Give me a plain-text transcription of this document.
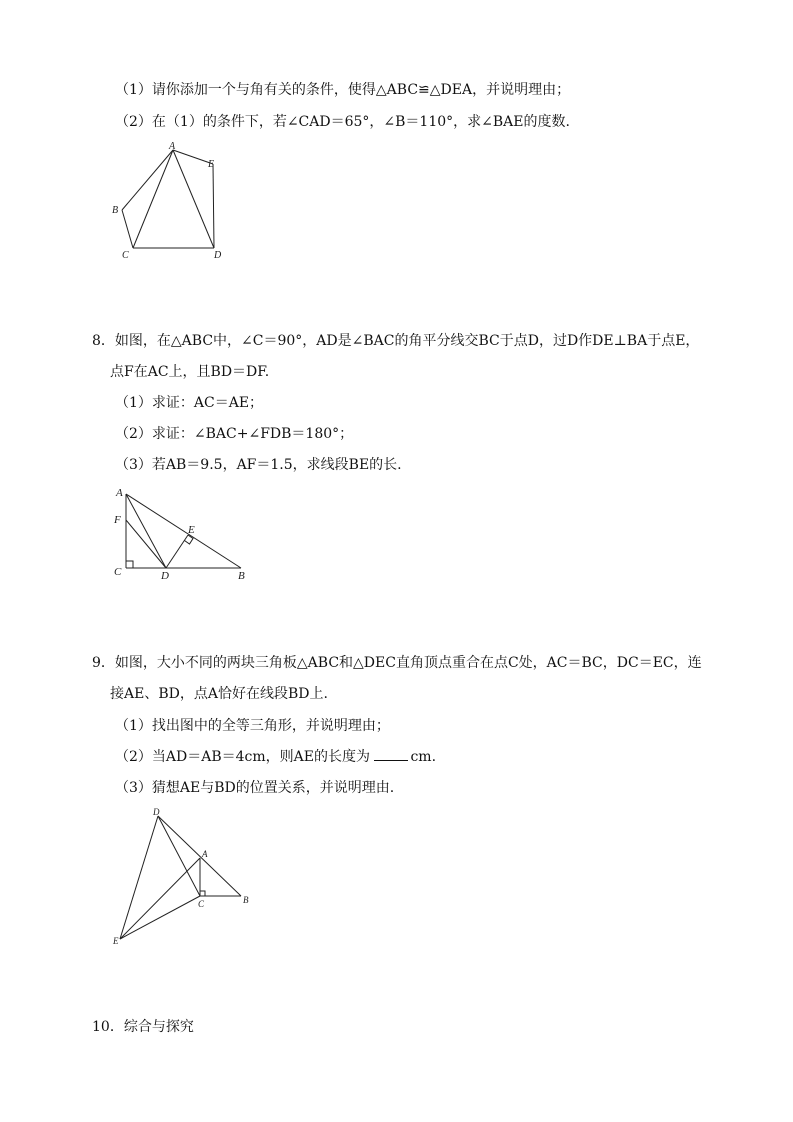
（1）请你添加一个与角有关的条件，使得△ABC≌△DEA，并说明理由；
（2）在（1）的条件下，若∠CAD＝65°，∠B＝110°，求∠BAE的度数.
A
B
C	D
E
8．如图，在△ABC中，∠C＝90°，AD是∠BAC的角平分线交BC于点D，过D作DE⊥BA于点E，
点F在AC上，且BD＝DF.
（1）求证：AC＝AE；
（2）求证：∠BAC+∠FDB＝180°；
（3）若AB＝9.5，AF＝1.5，求线段BE的长.
A
F
C	D
E
B
9．如图，大小不同的两块三角板△ABC和△DEC直角顶点重合在点C处，AC＝BC，DC＝EC，连
接AE、BD，点A恰好在线段BD上.
（1）找出图中的全等三角形，并说明理由；
（2）当AD＝AB＝4cm，则AE的长度为	cm.
（3）猜想AE与BD的位置关系，并说明理由.
D
A
C	B
E
10．综合与探究
